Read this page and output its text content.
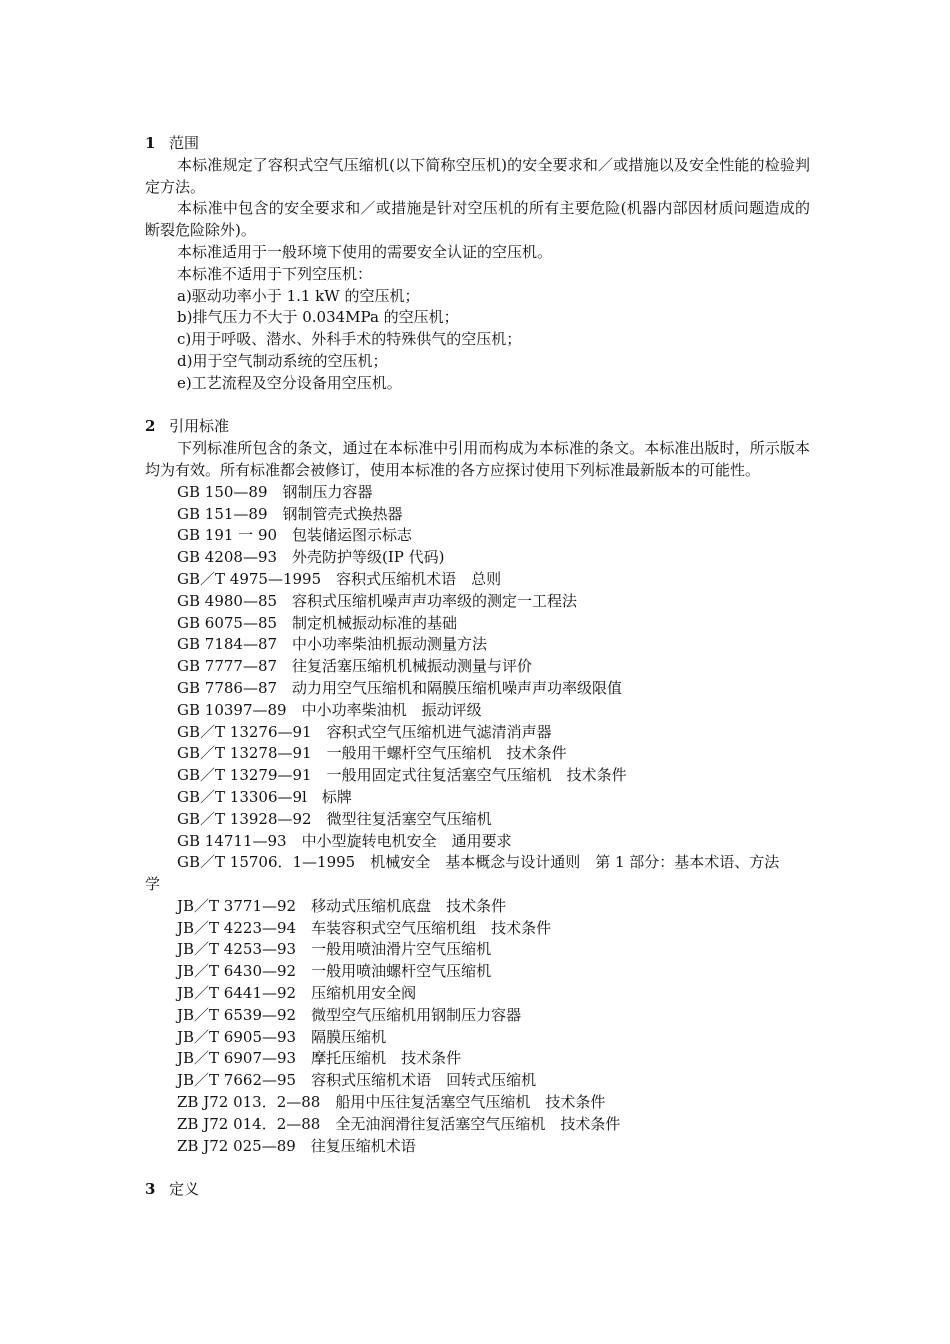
1 范围
本标准规定了容积式空气压缩机(以下简称空压机)的安全要求和／或措施以及安全性能的检验判定方法。
本标准中包含的安全要求和／或措施是针对空压机的所有主要危险(机器内部因材质问题造成的断裂危险除外)。
本标准适用于一般环境下使用的需要安全认证的空压机。
本标准不适用于下列空压机：
a)驱动功率小于 1.1 kW 的空压机；
b)排气压力不大于 0.034MPa 的空压机；
c)用于呼吸、潜水、外科手术的特殊供气的空压机；
d)用于空气制动系统的空压机；
e)工艺流程及空分设备用空压机。
2 引用标准
下列标准所包含的条文，通过在本标准中引用而构成为本标准的条文。本标准出版时，所示版本均为有效。所有标准都会被修订，使用本标准的各方应探讨使用下列标准最新版本的可能性。
GB 150—89　钢制压力容器
GB 151—89　钢制管壳式换热器
GB 191 一 90　包装储运图示标志
GB 4208—93　外壳防护等级(IP 代码)
GB／T 4975—1995　容积式压缩机术语　总则
GB 4980—85　容积式压缩机噪声声功率级的测定一工程法
GB 6075—85　制定机械振动标准的基础
GB 7184—87　中小功率柴油机振动测量方法
GB 7777—87　往复活塞压缩机机械振动测量与评价
GB 7786—87　动力用空气压缩机和隔膜压缩机噪声声功率级限值
GB 10397—89　中小功率柴油机　振动评级
GB／T 13276—91　容积式空气压缩机进气滤清消声器
GB／T 13278—91　一般用干螺杆空气压缩机　技术条件
GB／T 13279—91　一般用固定式往复活塞空气压缩机　技术条件
GB／T 13306—9l　标牌
GB／T 13928—92　微型往复活塞空气压缩机
GB 14711—93　中小型旋转电机安全　通用要求
GB／T 15706．1—1995　机械安全　基本概念与设计通则　第 1 部分：基本术语、方法
学
JB／T 3771—92　移动式压缩机底盘　技术条件
JB／T 4223—94　车装容积式空气压缩机组　技术条件
JB／T 4253—93　一般用喷油滑片空气压缩机
JB／T 6430—92　一般用喷油螺杆空气压缩机
JB／T 6441—92　压缩机用安全阀
JB／T 6539—92　微型空气压缩机用钢制压力容器
JB／T 6905—93　隔膜压缩机
JB／T 6907—93　摩托压缩机　技术条件
JB／T 7662—95　容积式压缩机术语　回转式压缩机
ZB J72 013．2—88　船用中压往复活塞空气压缩机　技术条件
ZB J72 014．2—88　全无油润滑往复活塞空气压缩机　技术条件
ZB J72 025—89　往复压缩机术语
3 定义
